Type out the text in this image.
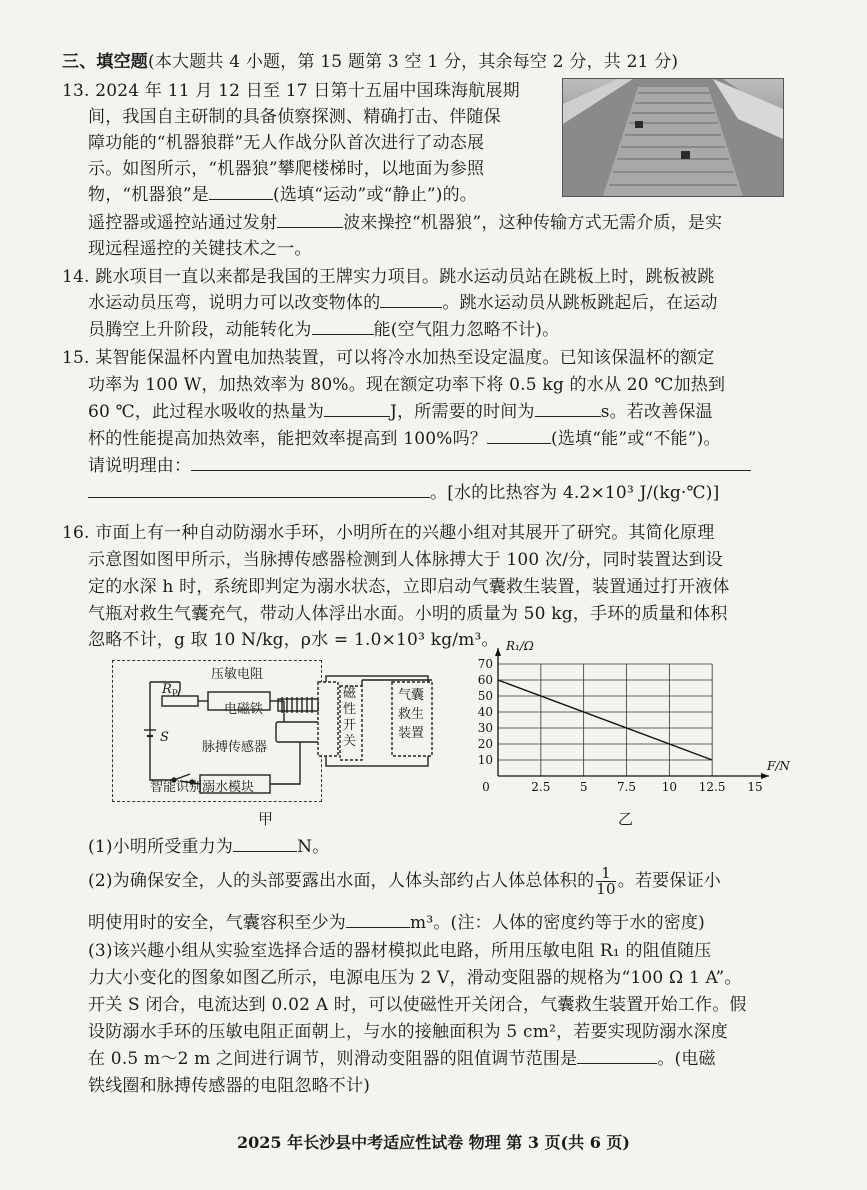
三、填空题(本大题共 4 小题，第 15 题第 3 空 1 分，其余每空 2 分，共 21 分)
13. 2024 年 11 月 12 日至 17 日第十五届中国珠海航展期
间，我国自主研制的具备侦察探测、精确打击、伴随保
障功能的“机器狼群”无人作战分队首次进行了动态展
示。如图所示，“机器狼”攀爬楼梯时，以地面为参照
物，“机器狼”是	(选填“运动”或“静止”)的。
遥控器或遥控站通过发射	波来操控“机器狼”，这种传输方式无需介质，是实
现远程遥控的关键技术之一。
14. 跳水项目一直以来都是我国的王牌实力项目。跳水运动员站在跳板上时，跳板被跳
水运动员压弯，说明力可以改变物体的	。跳水运动员从跳板跳起后，在运动
员腾空上升阶段，动能转化为	能(空气阻力忽略不计)。
15. 某智能保温杯内置电加热装置，可以将冷水加热至设定温度。已知该保温杯的额定
功率为 100 W，加热效率为 80%。现在额定功率下将 0.5 kg 的水从 20 ℃加热到
60 ℃，此过程水吸收的热量为	J，所需要的时间为	s。若改善保温
杯的性能提高加热效率，能把效率提高到 100%吗？	(选填“能”或“不能”)。
请说明理由：
。[水的比热容为 4.2×10³ J/(kg·℃)]
16. 市面上有一种自动防溺水手环，小明所在的兴趣小组对其展开了研究。其简化原理
示意图如图甲所示，当脉搏传感器检测到人体脉搏大于 100 次/分，同时装置达到设
定的水深 h 时，系统即判定为溺水状态，立即启动气囊救生装置，装置通过打开液体
气瓶对救生气囊充气，带动人体浮出水面。小明的质量为 50 kg，手环的质量和体积
忽略不计，g 取 10 N/kg，ρ水 = 1.0×10³ kg/m³。
$R_P$
压敏电阻
电磁铁
S
脉搏传感器
磁
性
开
关
气囊
救生
装置
智能识别溺水模块
甲
0	2.5 5 7.5 10 12.5 15
10
20
30
40
50
60
70
R₁/Ω
F/N
乙
(1)小明所受重力为	N。
(2)为确保安全，人的头部要露出水面，人体头部约占人体总体积的 $\frac{1}{10}$ 。若要保证小
明使用时的安全，气囊容积至少为	m³。(注：人体的密度约等于水的密度)
(3)该兴趣小组从实验室选择合适的器材模拟此电路，所用压敏电阻 R₁ 的阻值随压
力大小变化的图象如图乙所示，电源电压为 2 V，滑动变阻器的规格为“100 Ω 1 A”。
开关 S 闭合，电流达到 0.02 A 时，可以使磁性开关闭合，气囊救生装置开始工作。假
设防溺水手环的压敏电阻正面朝上，与水的接触面积为 5 cm²，若要实现防溺水深度
在 0.5 m～2 m 之间进行调节，则滑动变阻器的阻值调节范围是	。(电磁
铁线圈和脉搏传感器的电阻忽略不计)
2025 年长沙县中考适应性试卷 物理 第 3 页(共 6 页)
